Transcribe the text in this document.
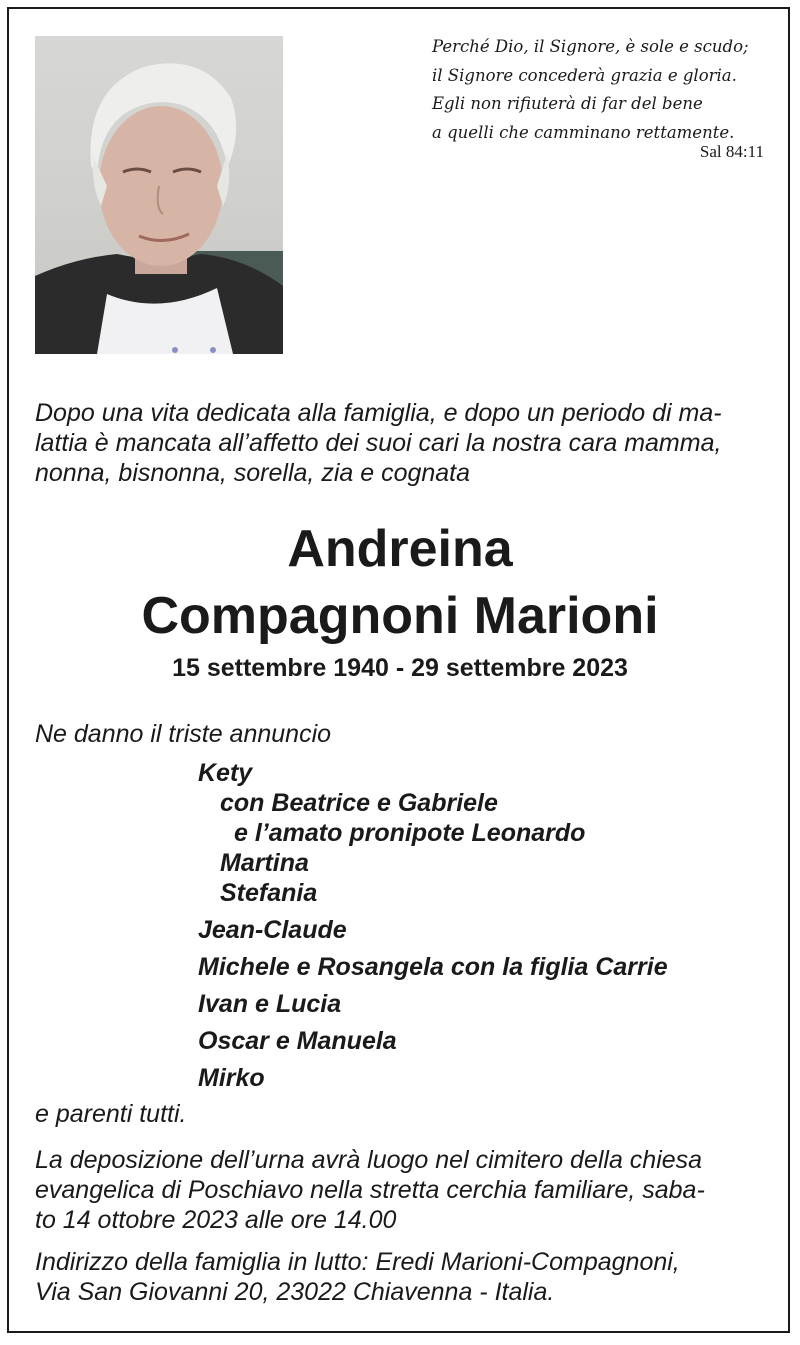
Perché Dio, il Signore, è sole e scudo;
il Signore concederà grazia e gloria.
Egli non rifiuterà di far del bene
a quelli che camminano rettamente.
Sal 84:11
Dopo una vita dedicata alla famiglia, e dopo un periodo di ma-
lattia è mancata all’affetto dei suoi cari la nostra cara mamma,
nonna, bisnonna, sorella, zia e cognata
Andreina
Compagnoni Marioni
15 settembre 1940 - 29 settembre 2023
Ne danno il triste annuncio
Kety
con Beatrice e Gabriele
e l’amato pronipote Leonardo
Martina
Stefania
Jean-Claude
Michele e Rosangela con la figlia Carrie
Ivan e Lucia
Oscar e Manuela
Mirko
e parenti tutti.
La deposizione dell’urna avrà luogo nel cimitero della chiesa
evangelica di Poschiavo nella stretta cerchia familiare, saba-
to 14 ottobre 2023 alle ore 14.00
Indirizzo della famiglia in lutto: Eredi Marioni-Compagnoni,
Via San Giovanni 20, 23022 Chiavenna - Italia.
